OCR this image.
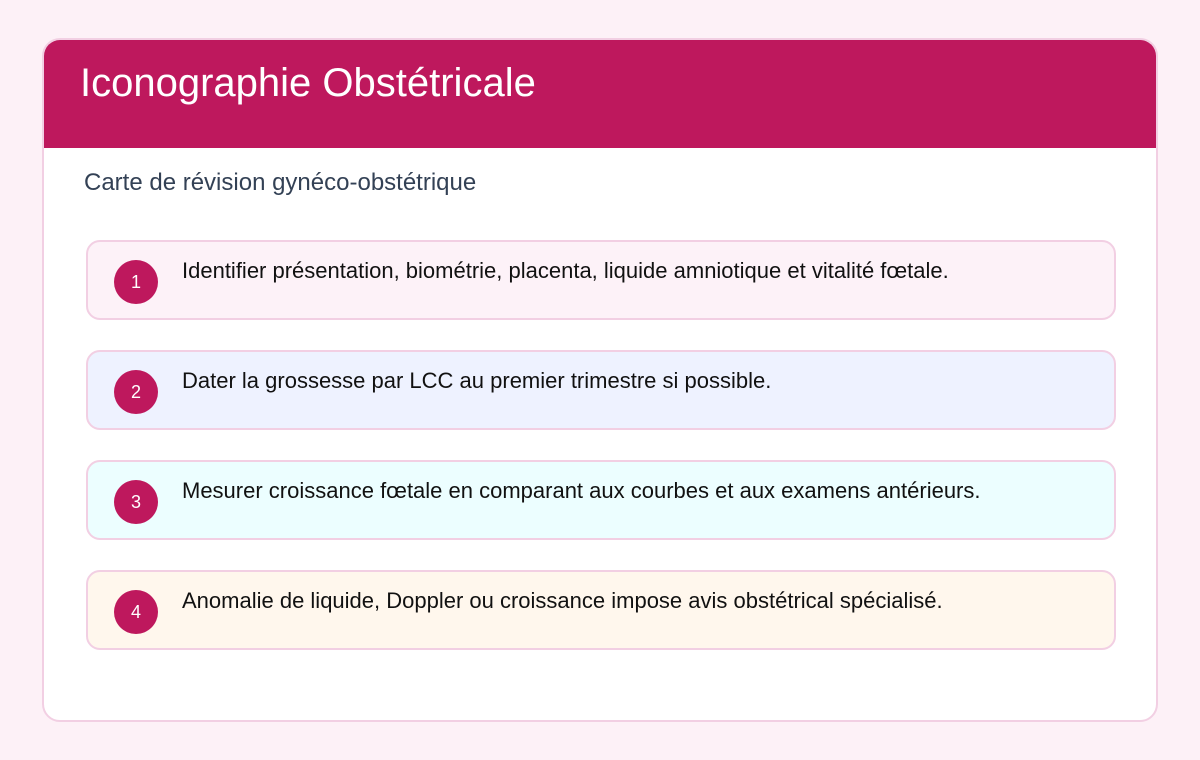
Iconographie Obstétricale
Carte de révision gynéco-obstétrique
1	Identifier présentation, biométrie, placenta, liquide amniotique et vitalité fœtale.
2	Dater la grossesse par LCC au premier trimestre si possible.
3	Mesurer croissance fœtale en comparant aux courbes et aux examens antérieurs.
4	Anomalie de liquide, Doppler ou croissance impose avis obstétrical spécialisé.
